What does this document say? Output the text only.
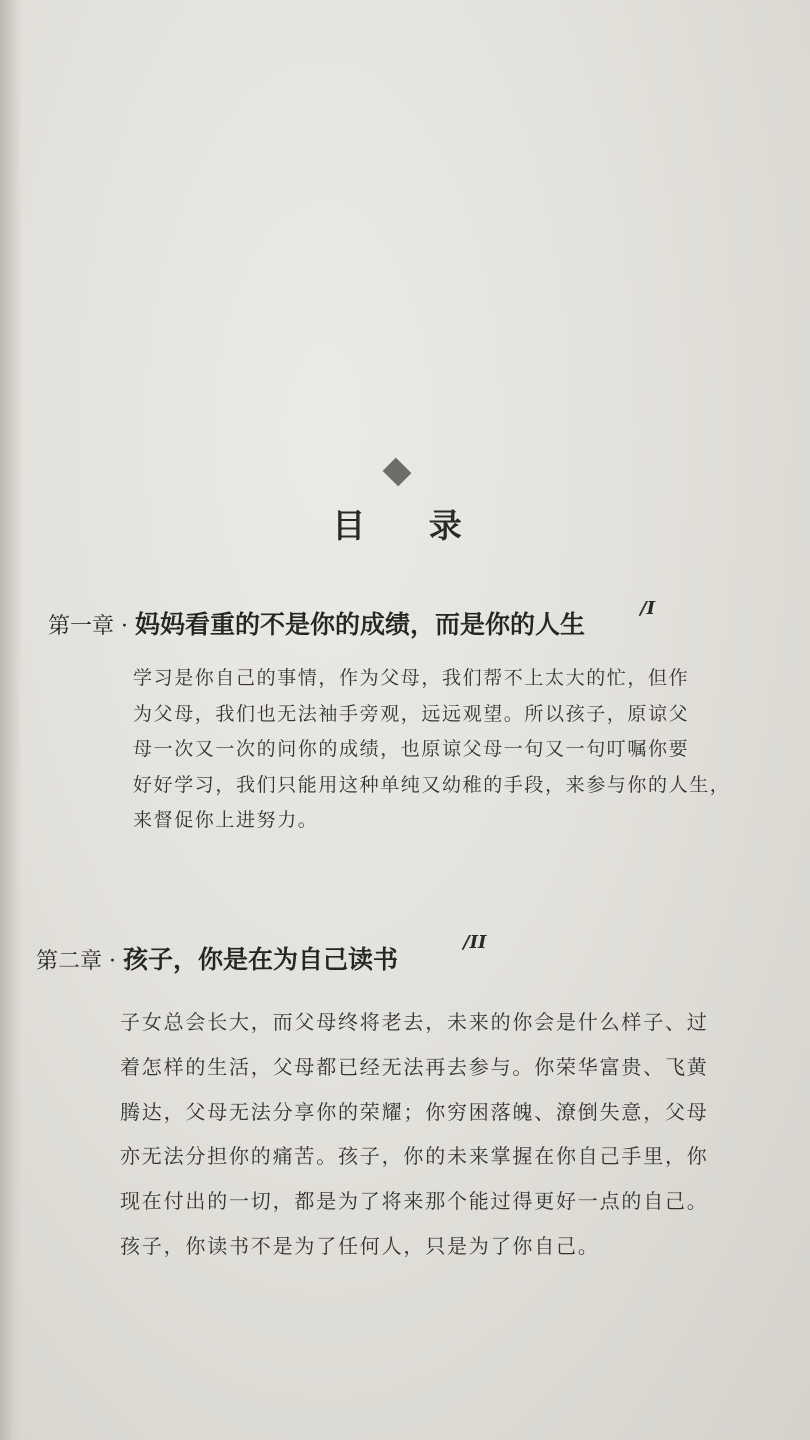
目 录
第一章 · 妈妈看重的不是你的成绩，而是你的人生
/I
学习是你自己的事情，作为父母，我们帮不上太大的忙，但作
为父母，我们也无法袖手旁观，远远观望。所以孩子，原谅父
母一次又一次的问你的成绩，也原谅父母一句又一句叮嘱你要
好好学习，我们只能用这种单纯又幼稚的手段，来参与你的人生，
来督促你上进努力。
第二章 · 孩子，你是在为自己读书
/II
子女总会长大，而父母终将老去，未来的你会是什么样子、过
着怎样的生活，父母都已经无法再去参与。你荣华富贵、飞黄
腾达，父母无法分享你的荣耀；你穷困落魄、潦倒失意，父母
亦无法分担你的痛苦。孩子，你的未来掌握在你自己手里，你
现在付出的一切，都是为了将来那个能过得更好一点的自己。
孩子，你读书不是为了任何人，只是为了你自己。
